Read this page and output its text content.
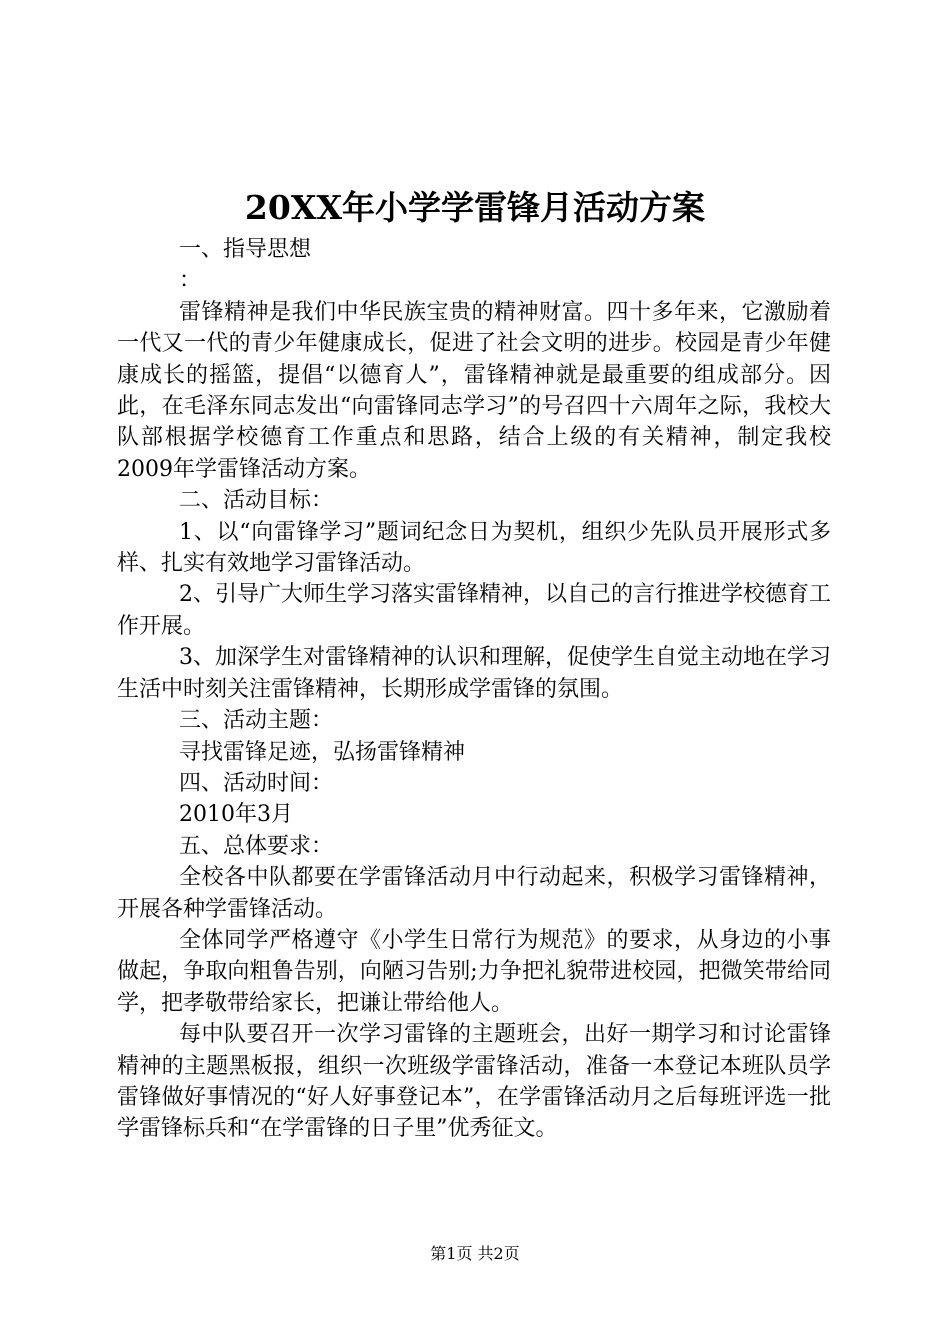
20XX年小学学雷锋月活动方案

一、指导思想

：

雷锋精神是我们中华民族宝贵的精神财富。四十多年来，它激励着一代又一代的青少年健康成长，促进了社会文明的进步。校园是青少年健康成长的摇篮，提倡“以德育人”，雷锋精神就是最重要的组成部分。因此，在毛泽东同志发出“向雷锋同志学习”的号召四十六周年之际，我校大队部根据学校德育工作重点和思路，结合上级的有关精神，制定我校2009年学雷锋活动方案。

二、活动目标：

1、以“向雷锋学习”题词纪念日为契机，组织少先队员开展形式多样、扎实有效地学习雷锋活动。

2、引导广大师生学习落实雷锋精神，以自己的言行推进学校德育工作开展。

3、加深学生对雷锋精神的认识和理解，促使学生自觉主动地在学习生活中时刻关注雷锋精神，长期形成学雷锋的氛围。

三、活动主题：

寻找雷锋足迹，弘扬雷锋精神

四、活动时间：

2010年3月

五、总体要求：

全校各中队都要在学雷锋活动月中行动起来，积极学习雷锋精神，开展各种学雷锋活动。

全体同学严格遵守《小学生日常行为规范》的要求，从身边的小事做起，争取向粗鲁告别，向陋习告别;力争把礼貌带进校园，把微笑带给同学，把孝敬带给家长，把谦让带给他人。

每中队要召开一次学习雷锋的主题班会，出好一期学习和讨论雷锋精神的主题黑板报，组织一次班级学雷锋活动，准备一本登记本班队员学雷锋做好事情况的“好人好事登记本”，在学雷锋活动月之后每班评选一批学雷锋标兵和“在学雷锋的日子里”优秀征文。

第1页 共2页
